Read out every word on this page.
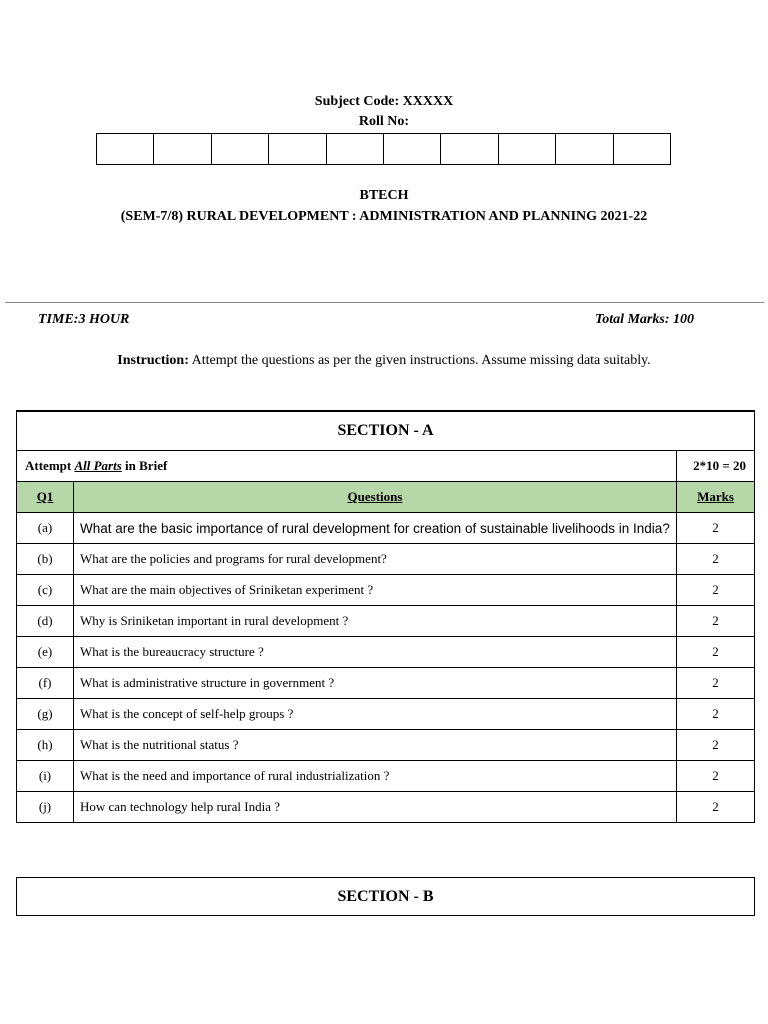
Subject Code: XXXXX
Roll No:
BTECH
(SEM-7/8) RURAL DEVELOPMENT : ADMINISTRATION AND PLANNING 2021-22
TIME:3 HOUR	Total Marks: 100
Instruction: Attempt the questions as per the given instructions. Assume missing data suitably.
SECTION - A		
Attempt All Parts in Brief		2*10 = 20
Q1	Questions	Marks
(a)	What are the basic importance of rural development for creation of sustainable livelihoods in India?	2
(b)	What are the policies and programs for rural development?	2
(c)	What are the main objectives of Sriniketan experiment ?	2
(d)	Why is Sriniketan important in rural development ?	2
(e)	What is the bureaucracy structure ?	2
(f)	What is administrative structure in government ?	2
(g)	What is the concept of self-help groups ?	2
(h)	What is the nutritional status ?	2
(i)	What is the need and importance of rural industrialization ?	2
(j)	How can technology help rural India ?	2
SECTION - B
